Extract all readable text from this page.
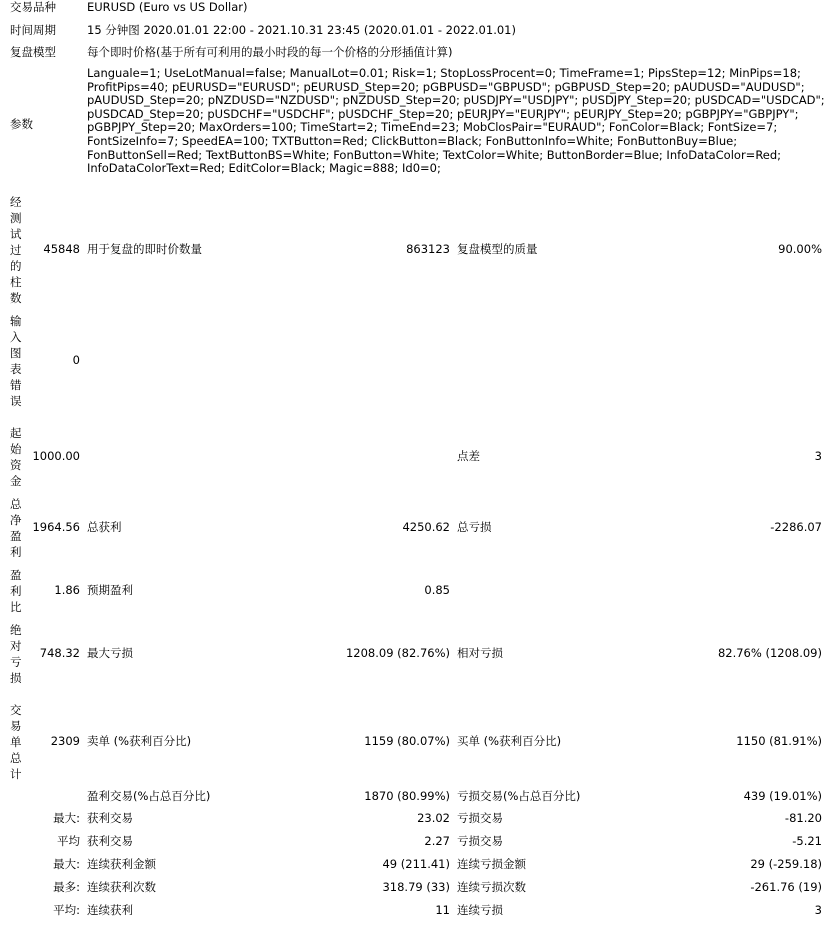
交易品种	EURUSD (Euro vs US Dollar)
时间周期	15 分钟图 2020.01.01 22:00 - 2021.10.31 23:45 (2020.01.01 - 2022.01.01)
复盘模型	每个即时价格(基于所有可利用的最小时段的每一个价格的分形插值计算)
参数
Languale=1; UseLotManual=false; ManualLot=0.01; Risk=1; StopLossProcent=0; TimeFrame=1; PipsStep=12; MinPips=18; ProfitPips=40; pEURUSD="EURUSD"; pEURUSD_Step=20; pGBPUSD="GBPUSD"; pGBPUSD_Step=20; pAUDUSD="AUDUSD"; pAUDUSD_Step=20; pNZDUSD="NZDUSD"; pNZDUSD_Step=20; pUSDJPY="USDJPY"; pUSDJPY_Step=20; pUSDCAD="USDCAD"; pUSDCAD_Step=20; pUSDCHF="USDCHF"; pUSDCHF_Step=20; pEURJPY="EURJPY"; pEURJPY_Step=20; pGBPJPY="GBPJPY"; pGBPJPY_Step=20; MaxOrders=100; TimeStart=2; TimeEnd=23; MobClosPair="EURAUD"; FonColor=Black; FontSize=7; FontSizeInfo=7; SpeedEA=100; TXTButton=Red; ClickButton=Black; FonButtonInfo=White; FonButtonBuy=Blue; FonButtonSell=Red; TextButtonBS=White; FonButton=White; TextColor=White; ButtonBorder=Blue; InfoDataColor=Red; InfoDataColorText=Red; EditColor=Black; Magic=888; Id0=0;
经测试过的柱数
45848 用于复盘的即时价数量	863123 复盘模型的质量	90.00%
输入图表错误
0
起始资金
1000.00	点差	3
总净盈利
1964.56 总获利	4250.62 总亏损	-2286.07
盈利比
1.86 预期盈利	0.85
绝对亏损
748.32 最大亏损	1208.09 (82.76%) 相对亏损	82.76% (1208.09)
交易单总计
2309 卖单 (%获利百分比)	1159 (80.07%) 买单 (%获利百分比)	1150 (81.91%)
盈利交易(%占总百分比)	1870 (80.99%) 亏损交易(%占总百分比)	439 (19.01%)
最大: 获利交易	23.02 亏损交易	-81.20
平均 获利交易	2.27 亏损交易	-5.21
最大: 连续获利金额	49 (211.41) 连续亏损金额	29 (-259.18)
最多: 连续获利次数	318.79 (33) 连续亏损次数	-261.76 (19)
平均: 连续获利	11 连续亏损	3
